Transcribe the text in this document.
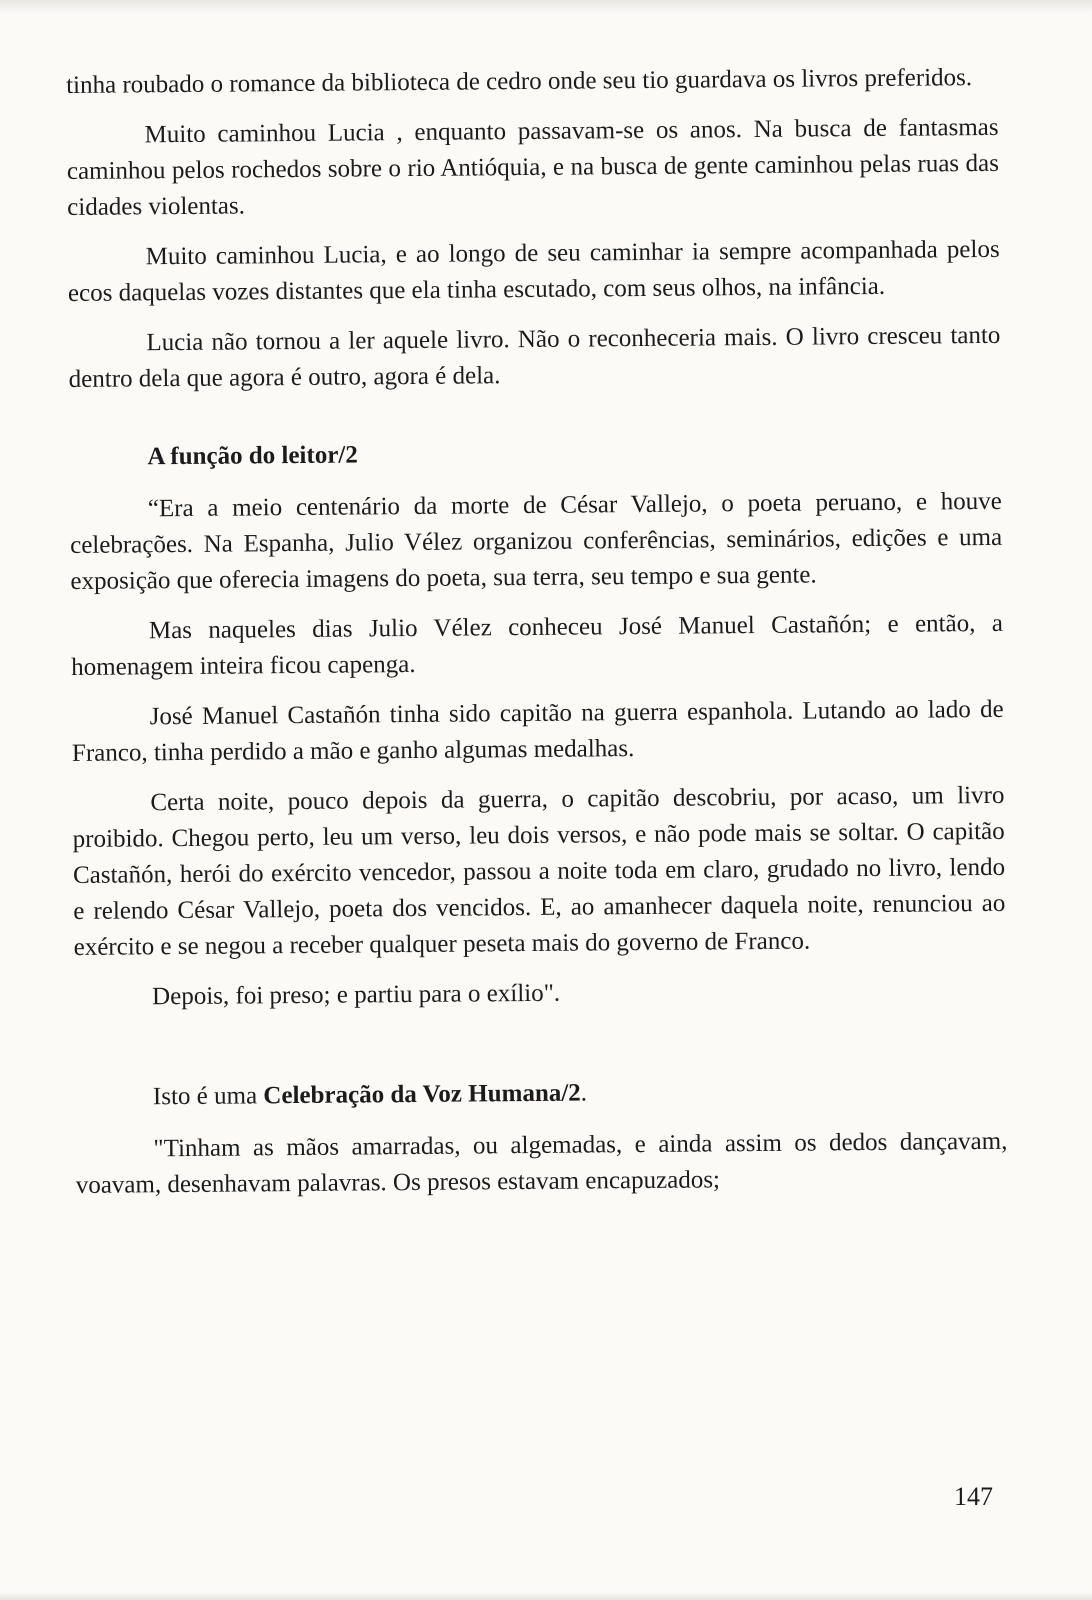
tinha roubado o romance da biblioteca de cedro onde seu tio guardava os livros preferidos.

Muito caminhou Lucia , enquanto passavam-se os anos. Na busca de fantasmas caminhou pelos rochedos sobre o rio Antióquia, e na busca de gente caminhou pelas ruas das cidades violentas.

Muito caminhou Lucia, e ao longo de seu caminhar ia sempre acompanhada pelos ecos daquelas vozes distantes que ela tinha escutado, com seus olhos, na infância.

Lucia não tornou a ler aquele livro. Não o reconheceria mais. O livro cresceu tanto dentro dela que agora é outro, agora é dela.

A função do leitor/2

“Era a meio centenário da morte de César Vallejo, o poeta peruano, e houve celebrações. Na Espanha, Julio Vélez organizou conferências, seminários, edições e uma exposição que oferecia imagens do poeta, sua terra, seu tempo e sua gente.

Mas naqueles dias Julio Vélez conheceu José Manuel Castañón; e então, a homenagem inteira ficou capenga.

José Manuel Castañón tinha sido capitão na guerra espanhola. Lutando ao lado de Franco, tinha perdido a mão e ganho algumas medalhas.

Certa noite, pouco depois da guerra, o capitão descobriu, por acaso, um livro proibido. Chegou perto, leu um verso, leu dois versos, e não pode mais se soltar. O capitão Castañón, herói do exército vencedor, passou a noite toda em claro, grudado no livro, lendo e relendo César Vallejo, poeta dos vencidos. E, ao amanhecer daquela noite, renunciou ao exército e se negou a receber qualquer peseta mais do governo de Franco.

Depois, foi preso; e partiu para o exílio".

Isto é uma Celebração da Voz Humana/2.

"Tinham as mãos amarradas, ou algemadas, e ainda assim os dedos dançavam, voavam, desenhavam palavras. Os presos estavam encapuzados;

147
